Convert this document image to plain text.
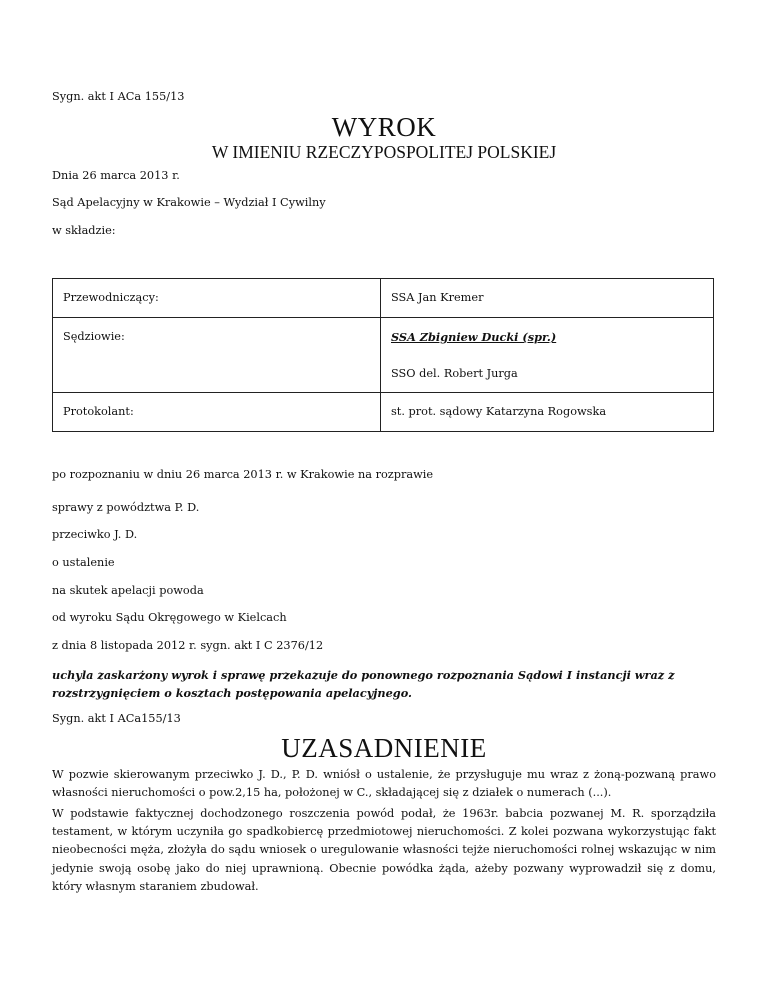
Sygn. akt I ACa 155/13
WYROK
W IMIENIU RZECZYPOSPOLITEJ POLSKIEJ
Dnia 26 marca 2013 r.
Sąd Apelacyjny w Krakowie – Wydział I Cywilny
w składzie:
Przewodniczący:	SSA Jan Kremer

Sędziowie:	SSA Zbigniew Ducki (spr.)
SSO del. Robert Jurga

Protokolant:	st. prot. sądowy Katarzyna Rogowska
po rozpoznaniu w dniu 26 marca 2013 r. w Krakowie na rozprawie
sprawy z powództwa P. D.
przeciwko J. D.
o ustalenie
na skutek apelacji powoda
od wyroku Sądu Okręgowego w Kielcach
z dnia 8 listopada 2012 r. sygn. akt I C 2376/12
uchyla zaskarżony wyrok i sprawę przekazuje do ponownego rozpoznania Sądowi I instancji wraz z rozstrzygnięciem o kosztach postępowania apelacyjnego.
Sygn. akt I ACa155/13
UZASADNIENIE
W pozwie skierowanym przeciwko J. D., P. D. wniósł o ustalenie, że przysługuje mu wraz z żoną-pozwaną prawo własności nieruchomości o pow.2,15 ha, położonej w C., składającej się z działek o numerach (...).
W podstawie faktycznej dochodzonego roszczenia powód podał, że 1963r. babcia pozwanej M. R. sporządziła testament, w którym uczyniła go spadkobiercę przedmiotowej nieruchomości. Z kolei pozwana wykorzystując fakt nieobecności męża, złożyła do sądu wniosek o uregulowanie własności tejże nieruchomości rolnej wskazując w nim jedynie swoją osobę jako do niej uprawnioną. Obecnie powódka żąda, ażeby pozwany wyprowadził się z domu, który własnym staraniem zbudował.
